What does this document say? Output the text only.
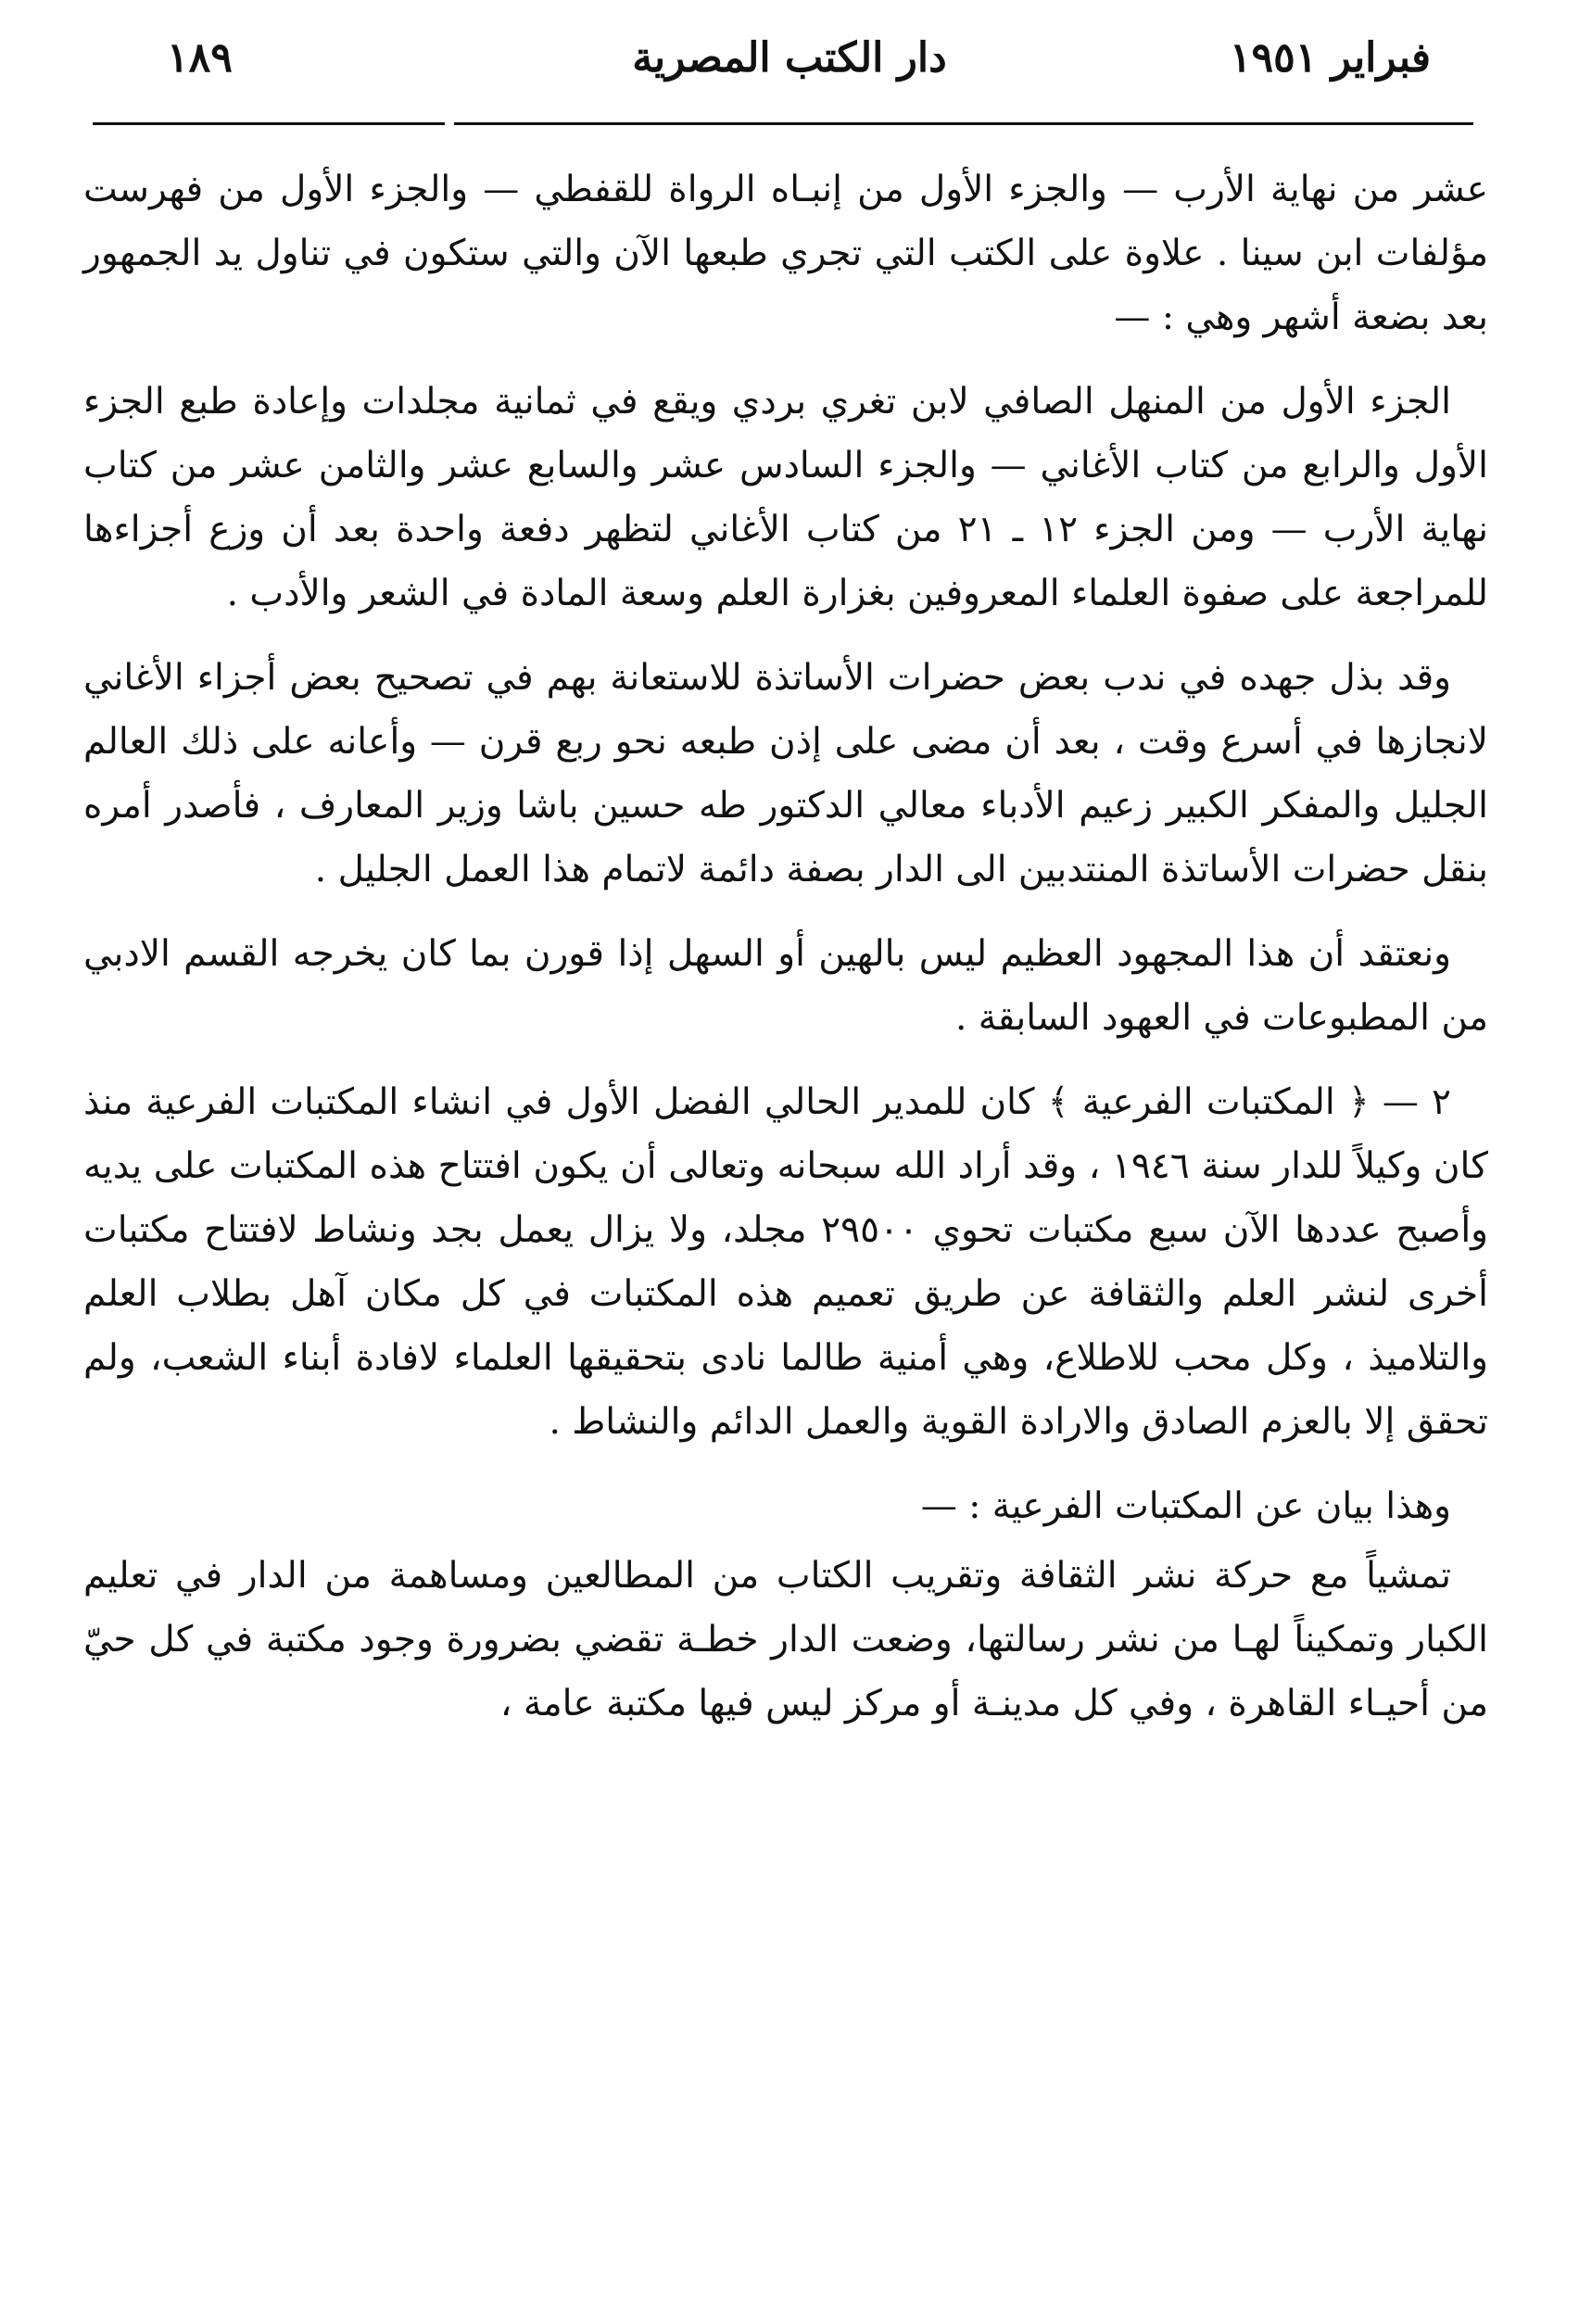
فبراير ١٩٥١
دار الكتب المصرية
١٨٩

عشر من نهاية الأرب — والجزء الأول من إنبـاه الرواة للقفطي — والجزء الأول من فهرست مؤلفات ابن سينا . علاوة على الكتب التي تجري طبعها الآن والتي ستكون في تناول يد الجمهور بعد بضعة أشهر وهي : —

الجزء الأول من المنهل الصافي لابن تغري بردي ويقع في ثمانية مجلدات وإعادة طبع الجزء الأول والرابع من كتاب الأغاني — والجزء السادس عشر والسابع عشر والثامن عشر من كتاب نهاية الأرب — ومن الجزء ١٢ ـ ٢١ من كتاب الأغاني لتظهر دفعة واحدة بعد أن وزع أجزاءها للمراجعة على صفوة العلماء المعروفين بغزارة العلم وسعة المادة في الشعر والأدب .

وقد بذل جهده في ندب بعض حضرات الأساتذة للاستعانة بهم في تصحيح بعض أجزاء الأغاني لانجازها في أسرع وقت ، بعد أن مضى على إذن طبعه نحو ربع قرن — وأعانه على ذلك العالم الجليل والمفكر الكبير زعيم الأدباء معالي الدكتور طه حسين باشا وزير المعارف ، فأصدر أمره بنقل حضرات الأساتذة المنتدبين الى الدار بصفة دائمة لاتمام هذا العمل الجليل .

ونعتقد أن هذا المجهود العظيم ليس بالهين أو السهل إذا قورن بما كان يخرجه القسم الادبي من المطبوعات في العهود السابقة .

٢ — ﴿ المكتبات الفرعية ﴾ كان للمدير الحالي الفضل الأول في انشاء المكتبات الفرعية منذ كان وكيلاً للدار سنة ١٩٤٦ ، وقد أراد الله سبحانه وتعالى أن يكون افتتاح هذه المكتبات على يديه وأصبح عددها الآن سبع مكتبات تحوي ٢٩٥٠٠ مجلد، ولا يزال يعمل بجد ونشاط لافتتاح مكتبات أخرى لنشر العلم والثقافة عن طريق تعميم هذه المكتبات في كل مكان آهل بطلاب العلم والتلاميذ ، وكل محب للاطلاع، وهي أمنية طالما نادى بتحقيقها العلماء لافادة أبناء الشعب، ولم تحقق إلا بالعزم الصادق والارادة القوية والعمل الدائم والنشاط .

وهذا بيان عن المكتبات الفرعية : —

تمشياً مع حركة نشر الثقافة وتقريب الكتاب من المطالعين ومساهمة من الدار في تعليم الكبار وتمكيناً لهـا من نشر رسالتها، وضعت الدار خطـة تقضي بضرورة وجود مكتبة في كل حيّ من أحيـاء القاهرة ، وفي كل مدينـة أو مركز ليس فيها مكتبة عامة ،
